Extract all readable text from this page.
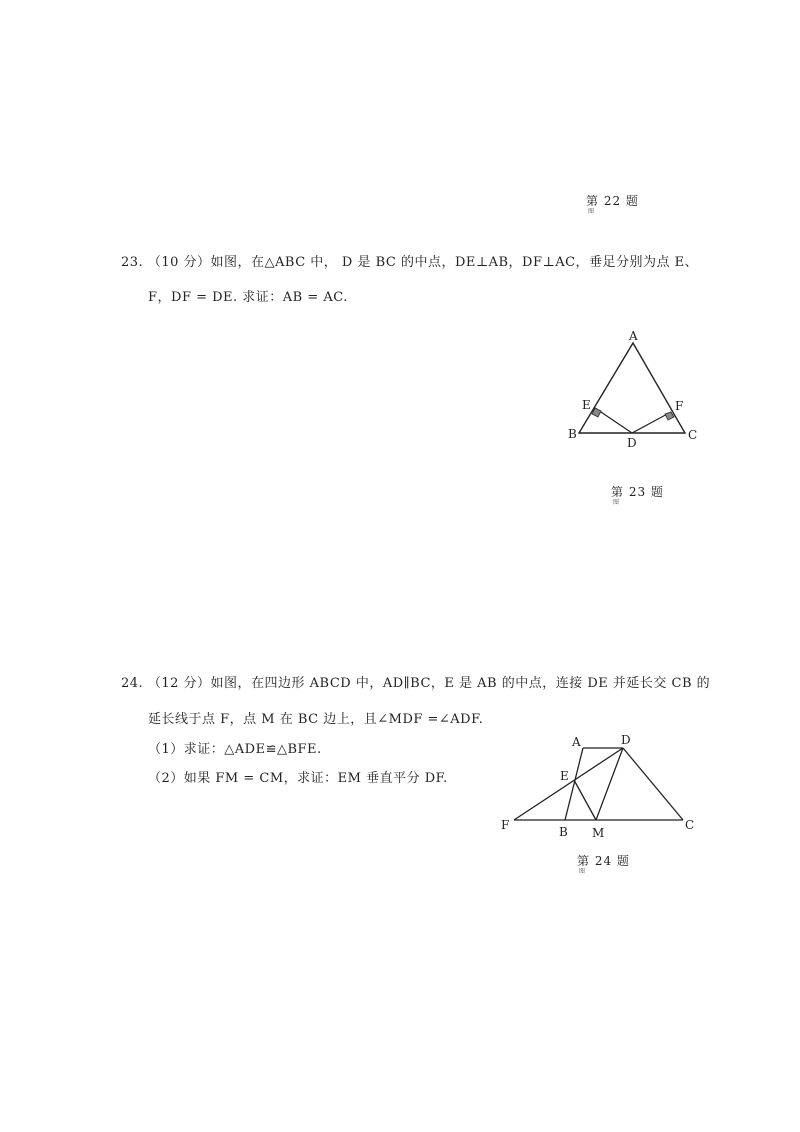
第 22 题
图
23. （10 分）如图，在△ABC 中， D 是 BC 的中点，DE⊥AB，DF⊥AC，垂足分别为点 E、
F，DF = DE. 求证：AB = AC.
A
B	C
D
E	F
第 23 题
图
24. （12 分）如图，在四边形 ABCD 中，AD∥BC，E 是 AB 的中点，连接 DE 并延长交 CB 的
延长线于点 F，点 M 在 BC 边上，且∠MDF =∠ADF.
（1）求证：△ADE≌△BFE.
（2）如果 FM = CM，求证：EM 垂直平分 DF.
A	D
E
F	B M
C
第 24 题
图
